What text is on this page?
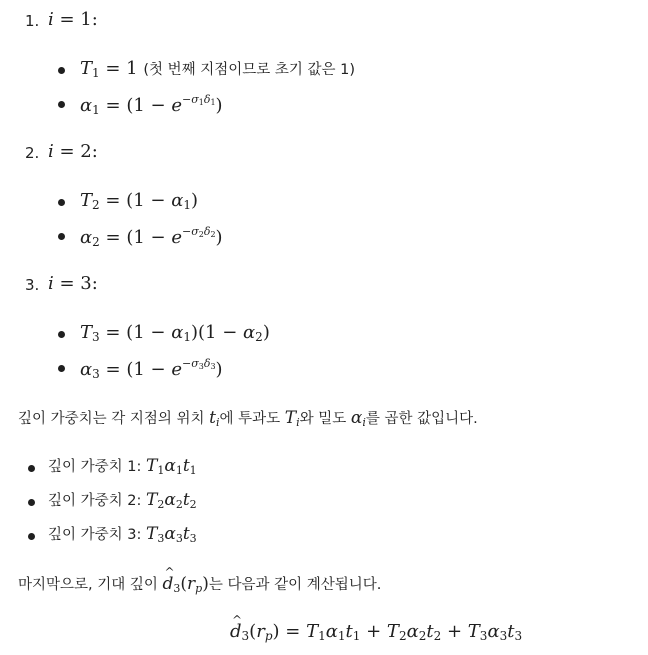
1. i = 1:
$T_1 = 1$ (첫 번째 지점이므로 초기 값은 1)
$\alpha_1 = (1 - e^{-\sigma_1\delta_1})$
2. i = 2:
$T_2 = (1 - \alpha_1)$
$\alpha_2 = (1 - e^{-\sigma_2\delta_2})$
3. i = 3:
$T_3 = (1 - \alpha_1)(1 - \alpha_2)$
$\alpha_3 = (1 - e^{-\sigma_3\delta_3})$
깊이 가중치는 각 지점의 위치 $t_i$에 투과도 $T_i$와 밀도 $\alpha_i$를 곱한 값입니다.
깊이 가중치 1: $T_1\alpha_1t_1$
깊이 가중치 2: $T_2\alpha_2t_2$
깊이 가중치 3: $T_3\alpha_3t_3$
마지막으로, 기대 깊이 ^ $d_3(r_p)$는 다음과 같이 계산됩니다.
^ $d_3(r_p) = T_1\alpha_1t_1 + T_2\alpha_2t_2 + T_3\alpha_3t_3$
